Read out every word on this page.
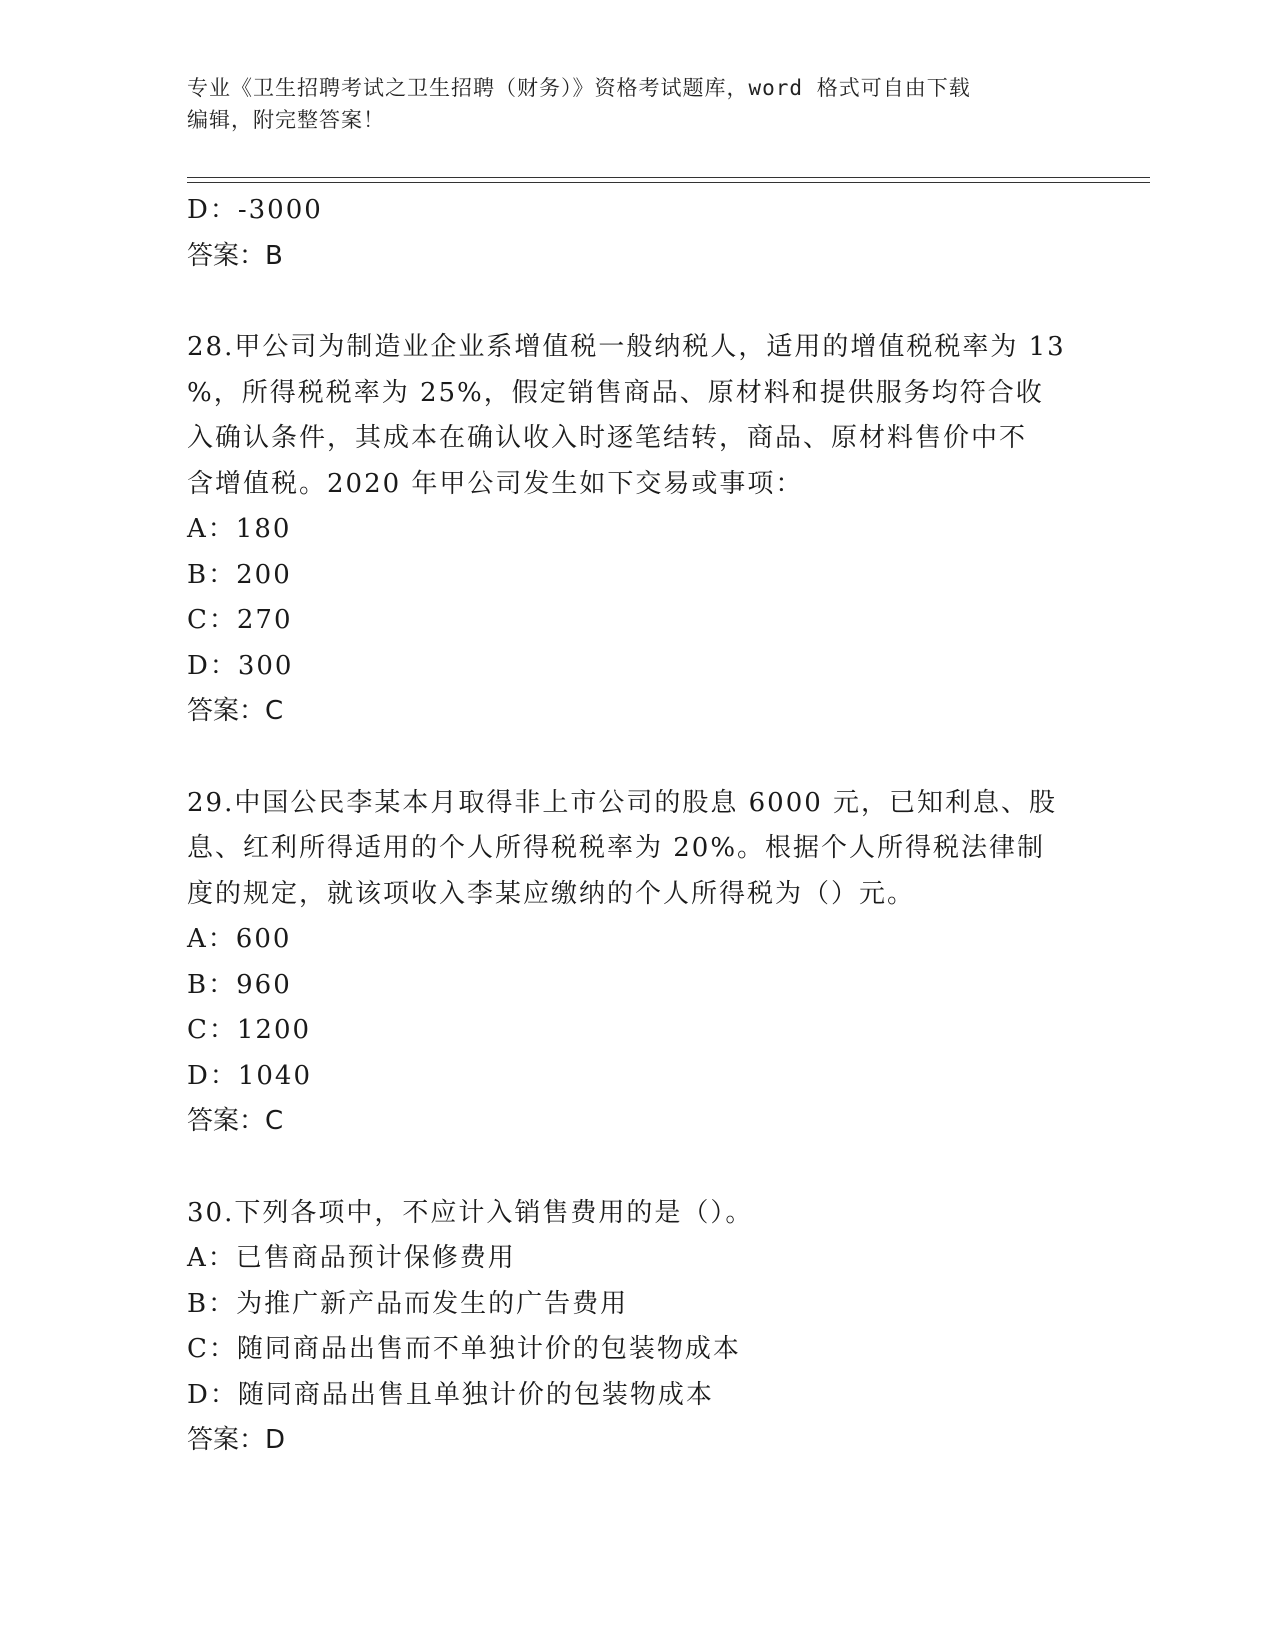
专业《卫生招聘考试之卫生招聘（财务）》资格考试题库，word 格式可自由下载
编辑，附完整答案！
D：-3000
答案：B
28.甲公司为制造业企业系增值税一般纳税人，适用的增值税税率为 13
%，所得税税率为 25%，假定销售商品、原材料和提供服务均符合收
入确认条件，其成本在确认收入时逐笔结转，商品、原材料售价中不
含增值税。2020 年甲公司发生如下交易或事项：
A：180
B：200
C：270
D：300
答案：C
29.中国公民李某本月取得非上市公司的股息 6000 元，已知利息、股
息、红利所得适用的个人所得税税率为 20%。根据个人所得税法律制
度的规定，就该项收入李某应缴纳的个人所得税为（）元。
A：600
B：960
C：1200
D：1040
答案：C
30.下列各项中，不应计入销售费用的是（）。
A：已售商品预计保修费用
B：为推广新产品而发生的广告费用
C：随同商品出售而不单独计价的包装物成本
D：随同商品出售且单独计价的包装物成本
答案：D
